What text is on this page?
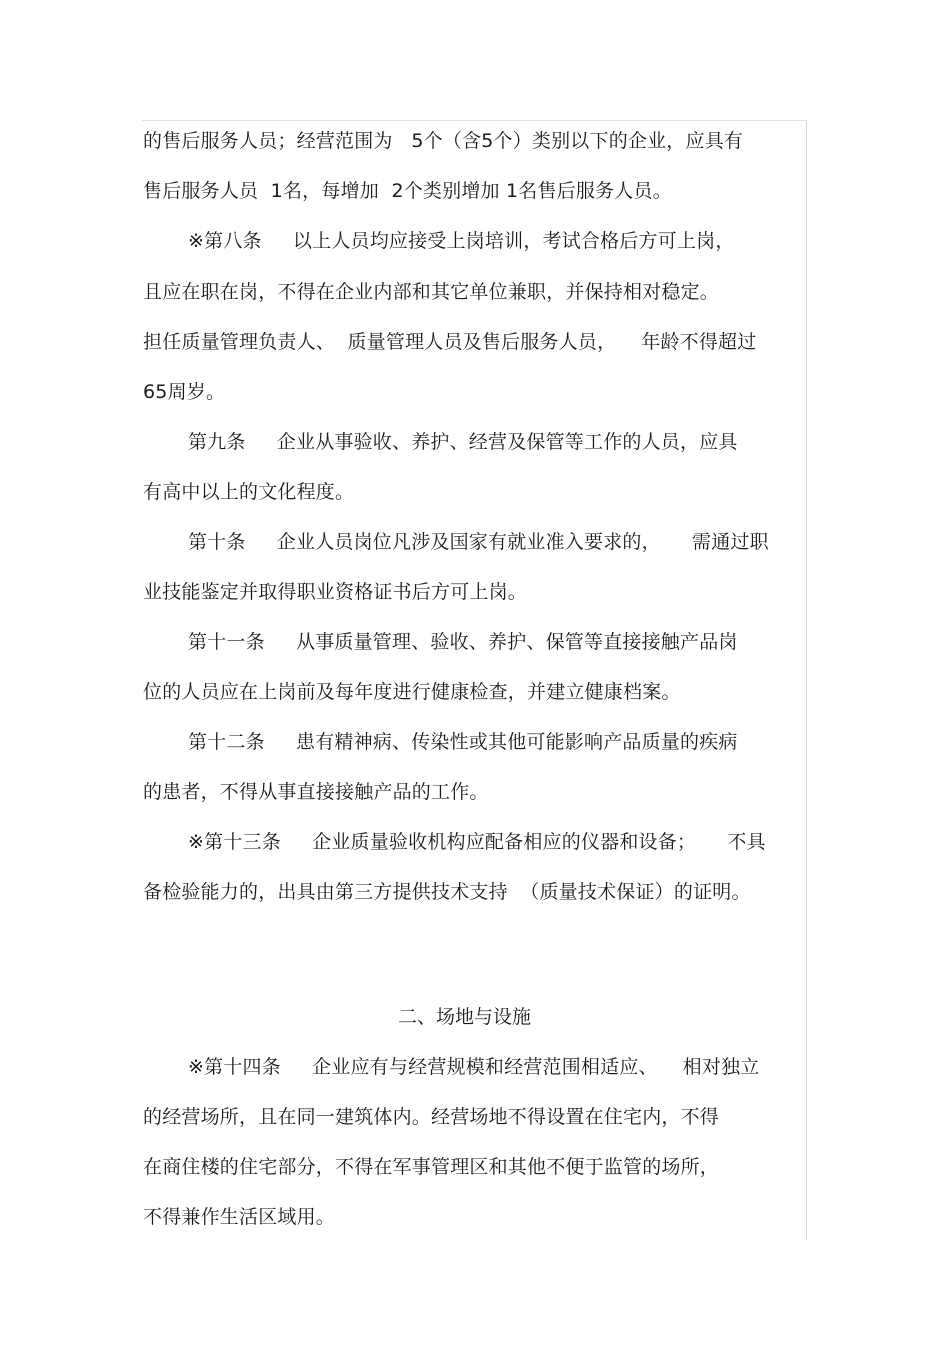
的售后服务人员；经营范围为   5个（含5个）类别以下的企业，应具有
售后服务人员  1名，每增加  2个类别增加 1名售后服务人员。
※第八条     以上人员均应接受上岗培训，考试合格后方可上岗，
且应在职在岗，不得在企业内部和其它单位兼职，并保持相对稳定。
担任质量管理负责人、  质量管理人员及售后服务人员，    年龄不得超过
65周岁。
第九条     企业从事验收、养护、经营及保管等工作的人员，应具
有高中以上的文化程度。
第十条     企业人员岗位凡涉及国家有就业准入要求的，     需通过职
业技能鉴定并取得职业资格证书后方可上岗。
第十一条     从事质量管理、验收、养护、保管等直接接触产品岗
位的人员应在上岗前及每年度进行健康检查，并建立健康档案。
第十二条     患有精神病、传染性或其他可能影响产品质量的疾病
的患者，不得从事直接接触产品的工作。
※第十三条     企业质量验收机构应配备相应的仪器和设备；     不具
备检验能力的，出具由第三方提供技术支持  （质量技术保证）的证明。
二、场地与设施
※第十四条     企业应有与经营规模和经营范围相适应、    相对独立
的经营场所，且在同一建筑体内。经营场地不得设置在住宅内，不得
在商住楼的住宅部分，不得在军事管理区和其他不便于监管的场所，
不得兼作生活区域用。
